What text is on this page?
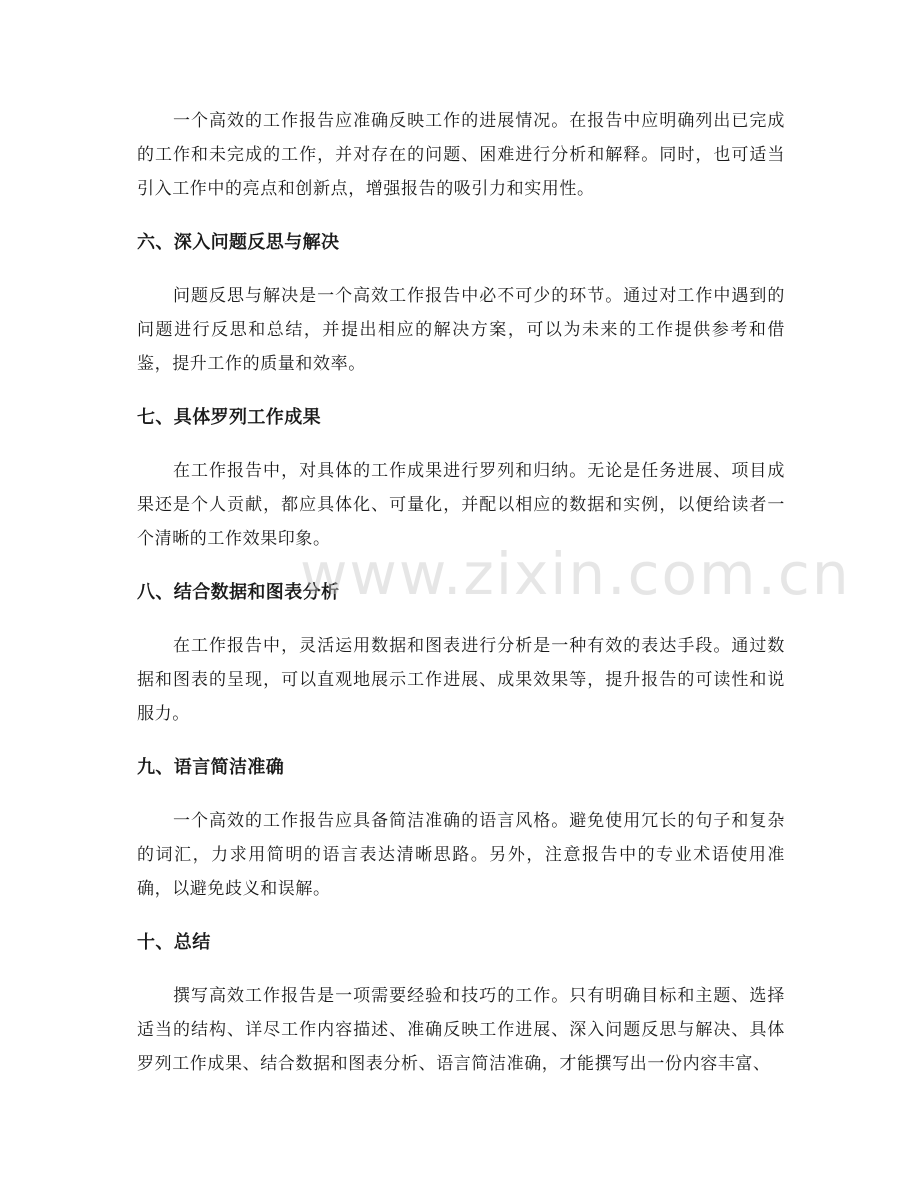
一个高效的工作报告应准确反映工作的进展情况。在报告中应明确列出已完成的工作和未完成的工作，并对存在的问题、困难进行分析和解释。同时，也可适当引入工作中的亮点和创新点，增强报告的吸引力和实用性。

六、深入问题反思与解决

问题反思与解决是一个高效工作报告中必不可少的环节。通过对工作中遇到的问题进行反思和总结，并提出相应的解决方案，可以为未来的工作提供参考和借鉴，提升工作的质量和效率。

七、具体罗列工作成果

在工作报告中，对具体的工作成果进行罗列和归纳。无论是任务进展、项目成果还是个人贡献，都应具体化、可量化，并配以相应的数据和实例，以便给读者一个清晰的工作效果印象。

八、结合数据和图表分析

在工作报告中，灵活运用数据和图表进行分析是一种有效的表达手段。通过数据和图表的呈现，可以直观地展示工作进展、成果效果等，提升报告的可读性和说服力。

九、语言简洁准确

一个高效的工作报告应具备简洁准确的语言风格。避免使用冗长的句子和复杂的词汇，力求用简明的语言表达清晰思路。另外，注意报告中的专业术语使用准确，以避免歧义和误解。

十、总结

撰写高效工作报告是一项需要经验和技巧的工作。只有明确目标和主题、选择适当的结构、详尽工作内容描述、准确反映工作进展、深入问题反思与解决、具体罗列工作成果、结合数据和图表分析、语言简洁准确，才能撰写出一份内容丰富、

www.zixin.com.cn
